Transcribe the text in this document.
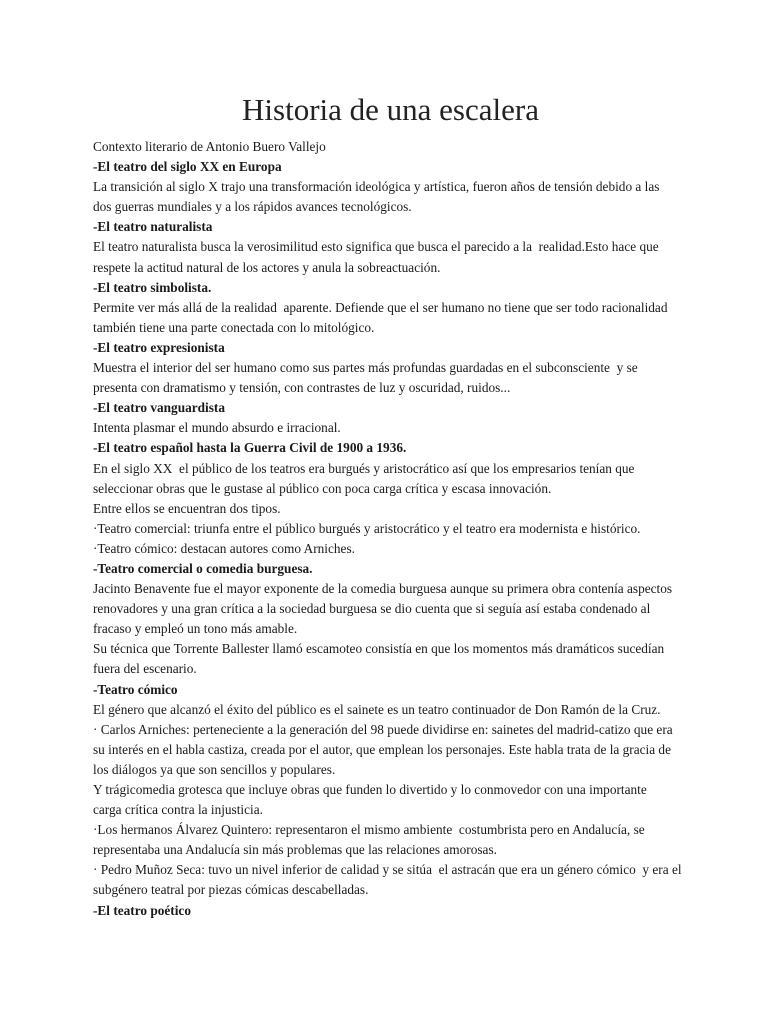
Historia de una escalera
Contexto literario de Antonio Buero Vallejo
-El teatro del siglo XX en Europa
La transición al siglo X trajo una transformación ideológica y artística, fueron años de tensión debido a las
dos guerras mundiales y a los rápidos avances tecnológicos.
-El teatro naturalista
El teatro naturalista busca la verosimilitud esto significa que busca el parecido a la  realidad.Esto hace que
respete la actitud natural de los actores y anula la sobreactuación.
-El teatro simbolista.
Permite ver más allá de la realidad  aparente. Defiende que el ser humano no tiene que ser todo racionalidad
también tiene una parte conectada con lo mitológico.
-El teatro expresionista
Muestra el interior del ser humano como sus partes más profundas guardadas en el subconsciente  y se
presenta con dramatismo y tensión, con contrastes de luz y oscuridad, ruidos...
-El teatro vanguardista
Intenta plasmar el mundo absurdo e irracional.
-El teatro español hasta la Guerra Civil de 1900 a 1936.
En el siglo XX  el público de los teatros era burgués y aristocrático así que los empresarios tenían que
seleccionar obras que le gustase al público con poca carga crítica y escasa innovación.
Entre ellos se encuentran dos tipos.
·Teatro comercial: triunfa entre el público burgués y aristocrático y el teatro era modernista e histórico.
·Teatro cómico: destacan autores como Arniches.
-Teatro comercial o comedia burguesa.
Jacinto Benavente fue el mayor exponente de la comedia burguesa aunque su primera obra contenía aspectos
renovadores y una gran crítica a la sociedad burguesa se dio cuenta que si seguía así estaba condenado al
fracaso y empleó un tono más amable.
Su técnica que Torrente Ballester llamó escamoteo consistía en que los momentos más dramáticos sucedían
fuera del escenario.
-Teatro cómico
El género que alcanzó el éxito del público es el sainete es un teatro continuador de Don Ramón de la Cruz.
· Carlos Arniches: perteneciente a la generación del 98 puede dividirse en: sainetes del madrid-catizo que era
su interés en el habla castiza, creada por el autor, que emplean los personajes. Este habla trata de la gracia de
los diálogos ya que son sencillos y populares.
Y trágicomedia grotesca que incluye obras que funden lo divertido y lo conmovedor con una importante
carga crítica contra la injusticia.
·Los hermanos Álvarez Quintero: representaron el mismo ambiente  costumbrista pero en Andalucía, se
representaba una Andalucía sin más problemas que las relaciones amorosas.
· Pedro Muñoz Seca: tuvo un nivel inferior de calidad y se sitúa  el astracán que era un género cómico  y era el
subgénero teatral por piezas cómicas descabelladas.
-El teatro poético
